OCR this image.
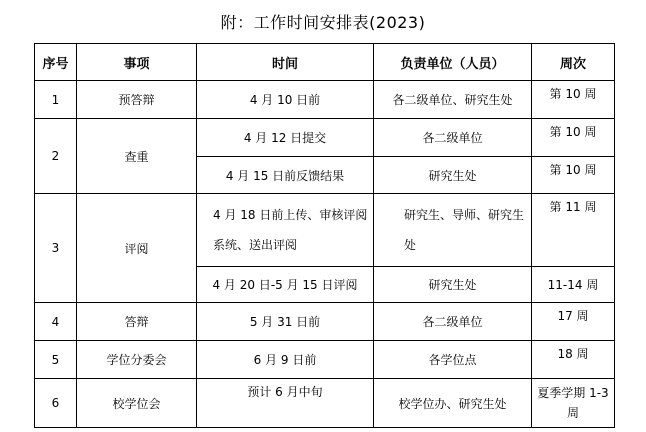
附：工作时间安排表(2023)
序号	事项	时间	负责单位（人员）	周次
1	预答辩	4 月 10 日前	各二级单位、研究生处	第 10 周
2	查重	4 月 12 日提交	各二级单位	第 10 周
		4 月 15 日前反馈结果	研究生处	第 10 周
3	评阅	4 月 18 日前上传、审核评阅系统、送出评阅	研究生、导师、研究生处	第 11 周
		4 月 20 日-5 月 15 日评阅	研究生处	11-14 周
4	答辩	5 月 31 日前	各二级单位	17 周
5	学位分委会	6 月 9 日前	各学位点	18 周
6	校学位会	预计 6 月中旬	校学位办、研究生处	夏季学期 1-3 周
